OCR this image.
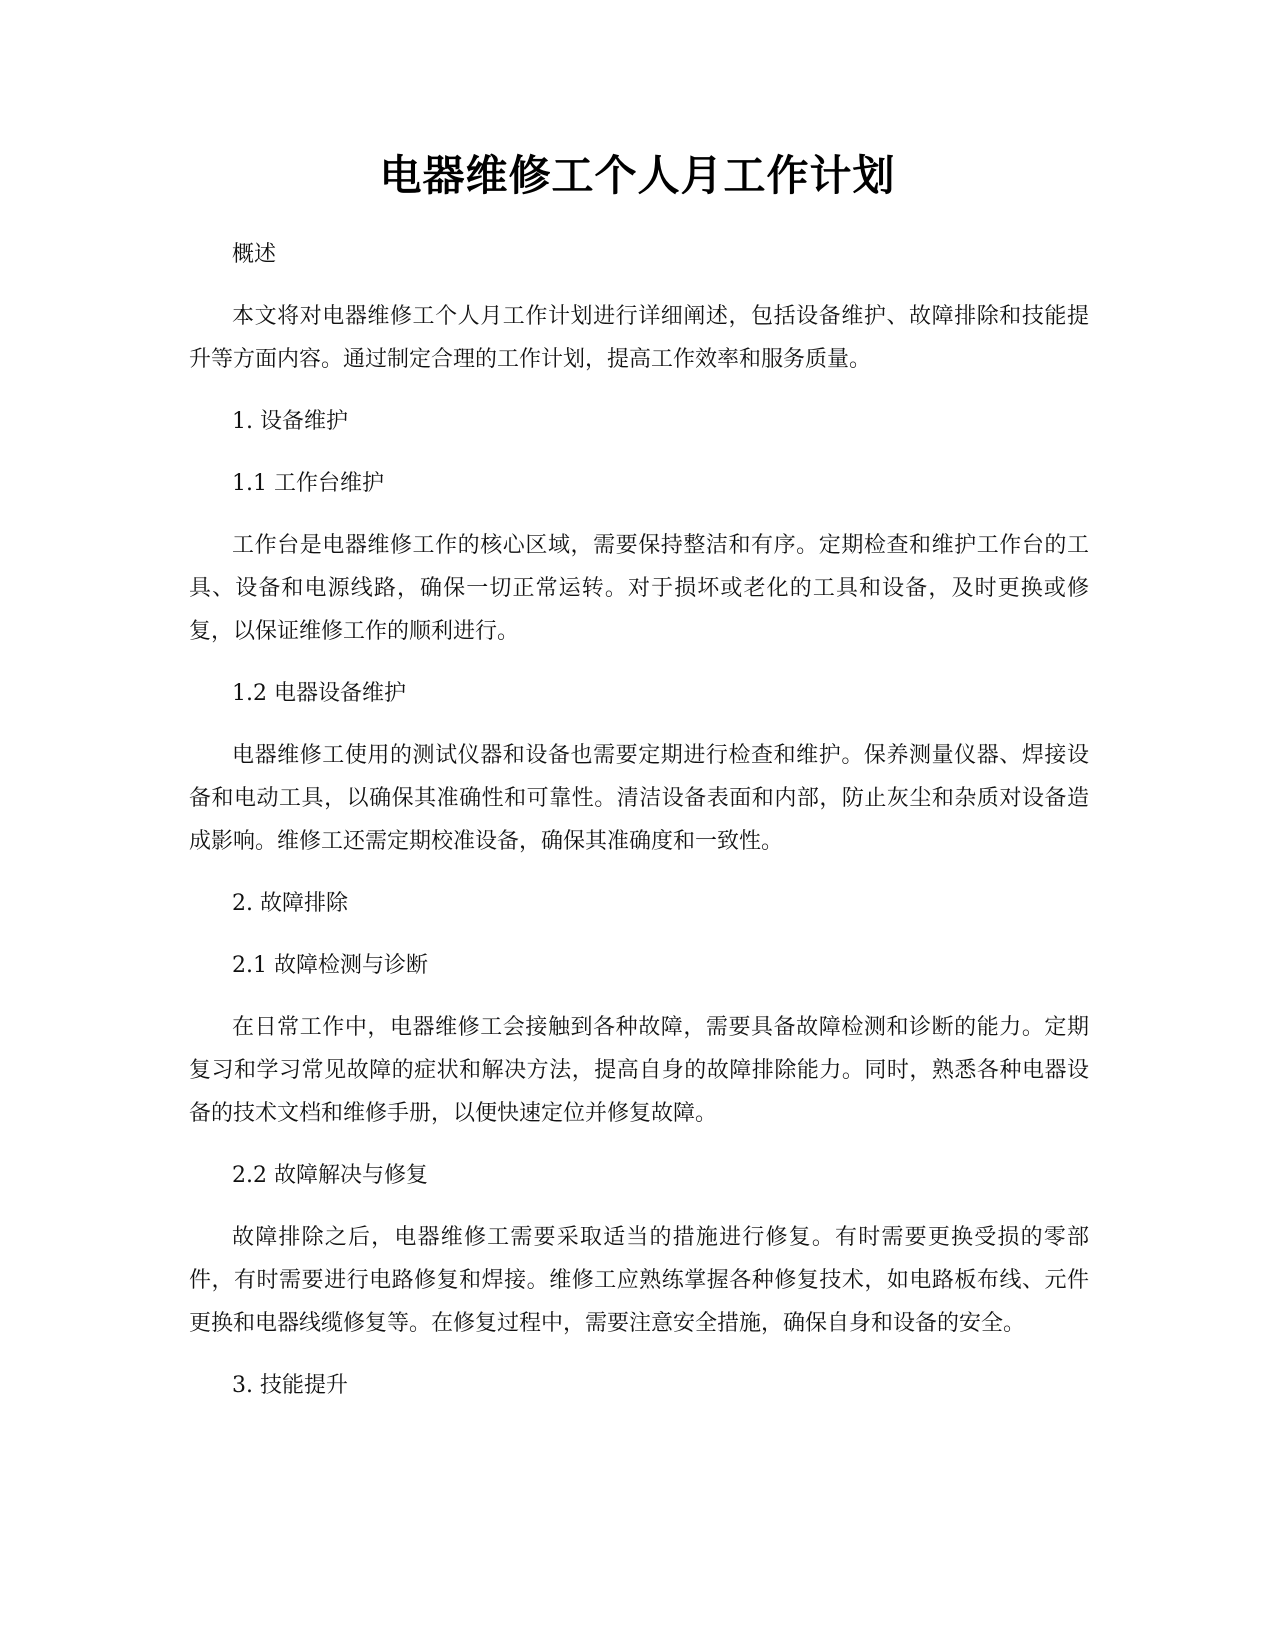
电器维修工个人月工作计划

概述

本文将对电器维修工个人月工作计划进行详细阐述，包括设备维护、故障排除和技能提升等方面内容。通过制定合理的工作计划，提高工作效率和服务质量。

1. 设备维护

1.1 工作台维护

工作台是电器维修工作的核心区域，需要保持整洁和有序。定期检查和维护工作台的工具、设备和电源线路，确保一切正常运转。对于损坏或老化的工具和设备，及时更换或修复，以保证维修工作的顺利进行。

1.2 电器设备维护

电器维修工使用的测试仪器和设备也需要定期进行检查和维护。保养测量仪器、焊接设备和电动工具，以确保其准确性和可靠性。清洁设备表面和内部，防止灰尘和杂质对设备造成影响。维修工还需定期校准设备，确保其准确度和一致性。

2. 故障排除

2.1 故障检测与诊断

在日常工作中，电器维修工会接触到各种故障，需要具备故障检测和诊断的能力。定期复习和学习常见故障的症状和解决方法，提高自身的故障排除能力。同时，熟悉各种电器设备的技术文档和维修手册，以便快速定位并修复故障。

2.2 故障解决与修复

故障排除之后，电器维修工需要采取适当的措施进行修复。有时需要更换受损的零部件，有时需要进行电路修复和焊接。维修工应熟练掌握各种修复技术，如电路板布线、元件更换和电器线缆修复等。在修复过程中，需要注意安全措施，确保自身和设备的安全。

3. 技能提升
